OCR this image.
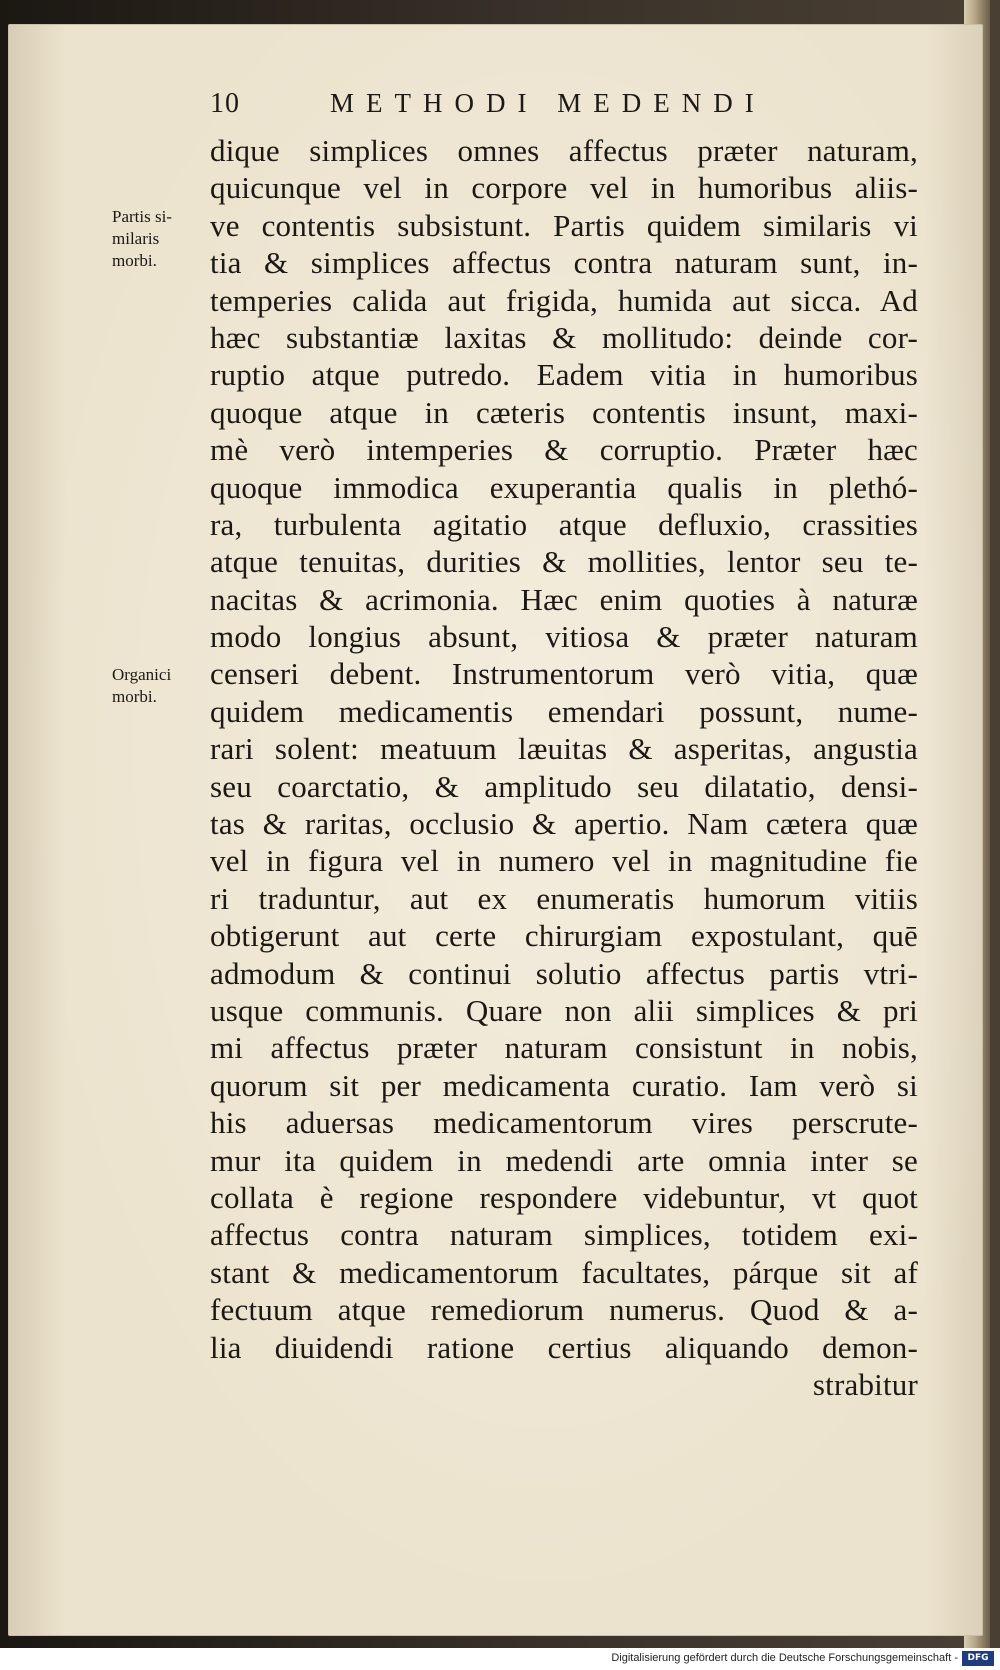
10	METHODI MEDENDI
Partis si-
milaris
morbi.
Organici
morbi.
dique simplices omnes affectus præter naturam,
quicunque vel in corpore vel in humoribus aliis-
ve contentis subsistunt. Partis quidem similaris vi
tia & simplices affectus contra naturam sunt, in-
temperies calida aut frigida, humida aut sicca. Ad
hæc substantiæ laxitas & mollitudo: deinde cor-
ruptio atque putredo. Eadem vitia in humoribus
quoque atque in cæteris contentis insunt, maxi-
mè verò intemperies & corruptio. Præter hæc
quoque immodica exuperantia qualis in plethó-
ra, turbulenta agitatio atque defluxio, crassities
atque tenuitas, durities & mollities, lentor seu te-
nacitas & acrimonia. Hæc enim quoties à naturæ
modo longius absunt, vitiosa & præter naturam
censeri debent. Instrumentorum verò vitia, quæ
quidem medicamentis emendari possunt, nume-
rari solent: meatuum læuitas & asperitas, angustia
seu coarctatio, & amplitudo seu dilatatio, densi-
tas & raritas, occlusio & apertio. Nam cætera quæ
vel in figura vel in numero vel in magnitudine fie
ri traduntur, aut ex enumeratis humorum vitiis
obtigerunt aut certe chirurgiam expostulant, quē
admodum & continui solutio affectus partis vtri-
usque communis. Quare non alii simplices & pri
mi affectus præter naturam consistunt in nobis,
quorum sit per medicamenta curatio. Iam verò si
his aduersas medicamentorum vires perscrute-
mur ita quidem in medendi arte omnia inter se
collata è regione respondere videbuntur, vt quot
affectus contra naturam simplices, totidem exi-
stant & medicamentorum facultates, párque sit af
fectuum atque remediorum numerus. Quod & a-
lia diuidendi ratione certius aliquando demon-
strabitur
Digitalisierung gefördert durch die Deutsche Forschungsgemeinschaft -	DFG
